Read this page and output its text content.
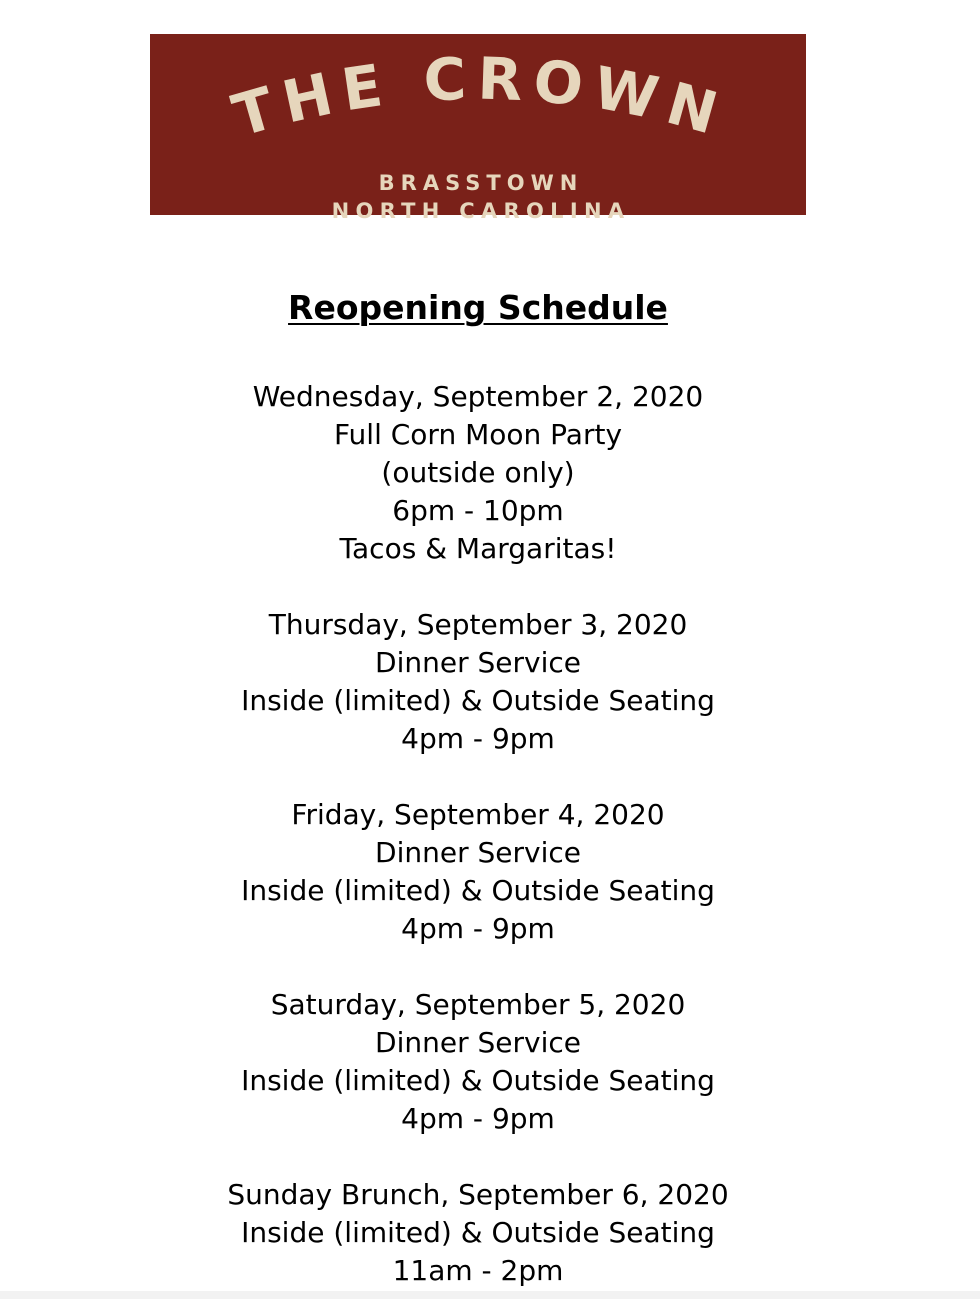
THE CROWN
BRASSTOWN
NORTH CAROLINA
Reopening Schedule
Wednesday, September 2, 2020
Full Corn Moon Party
(outside only)
6pm - 10pm
Tacos & Margaritas!
Thursday, September 3, 2020
Dinner Service
Inside (limited) & Outside Seating
4pm - 9pm
Friday, September 4, 2020
Dinner Service
Inside (limited) & Outside Seating
4pm - 9pm
Saturday, September 5, 2020
Dinner Service
Inside (limited) & Outside Seating
4pm - 9pm
Sunday Brunch, September 6, 2020
Inside (limited) & Outside Seating
11am - 2pm
